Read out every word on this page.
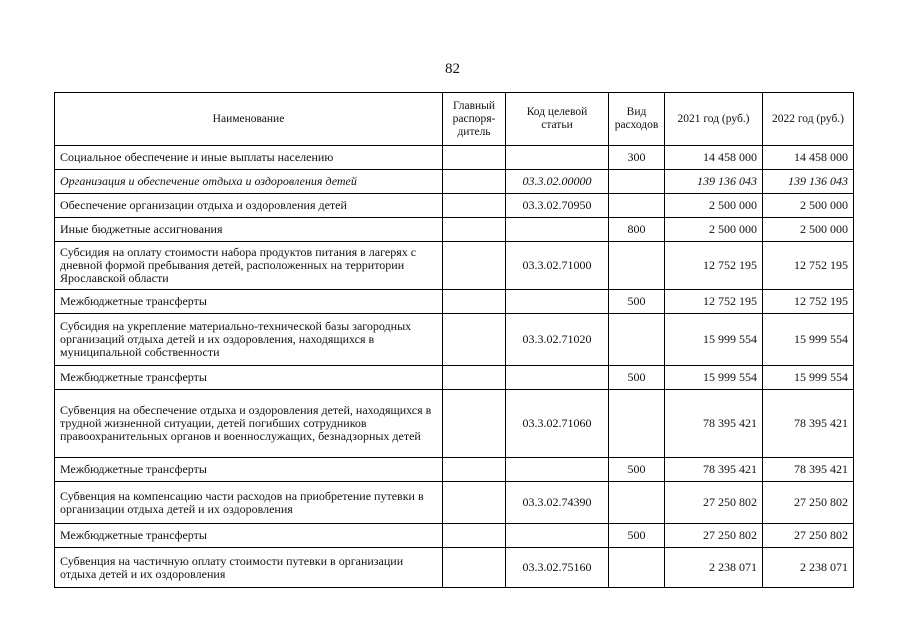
82
Наименование	Главный распоря-дитель	Код целевой статьи	Вид расходов	2021 год (руб.)	2022 год (руб.)
Социальное обеспечение и иные выплаты населению			300	14 458 000	14 458 000
Организация и обеспечение отдыха и оздоровления детей		03.3.02.00000		139 136 043	139 136 043
Обеспечение организации отдыха и оздоровления детей		03.3.02.70950		2 500 000	2 500 000
Иные бюджетные ассигнования			800	2 500 000	2 500 000
Субсидия на оплату стоимости набора продуктов питания в лагерях с дневной формой пребывания детей, расположенных на территории Ярославской области		03.3.02.71000		12 752 195	12 752 195
Межбюджетные трансферты			500	12 752 195	12 752 195
Субсидия на укрепление материально-технической базы загородных организаций отдыха детей и их оздоровления, находящихся в муниципальной собственности		03.3.02.71020		15 999 554	15 999 554
Межбюджетные трансферты			500	15 999 554	15 999 554
Субвенция на обеспечение отдыха и оздоровления детей, находящихся в трудной жизненной ситуации, детей погибших сотрудников правоохранительных органов и военнослужащих, безнадзорных детей		03.3.02.71060		78 395 421	78 395 421
Межбюджетные трансферты			500	78 395 421	78 395 421
Субвенция на компенсацию части расходов на приобретение путевки в организации отдыха детей и их оздоровления		03.3.02.74390		27 250 802	27 250 802
Межбюджетные трансферты			500	27 250 802	27 250 802
Субвенция на частичную оплату стоимости путевки в организации отдыха детей и их оздоровления		03.3.02.75160		2 238 071	2 238 071
